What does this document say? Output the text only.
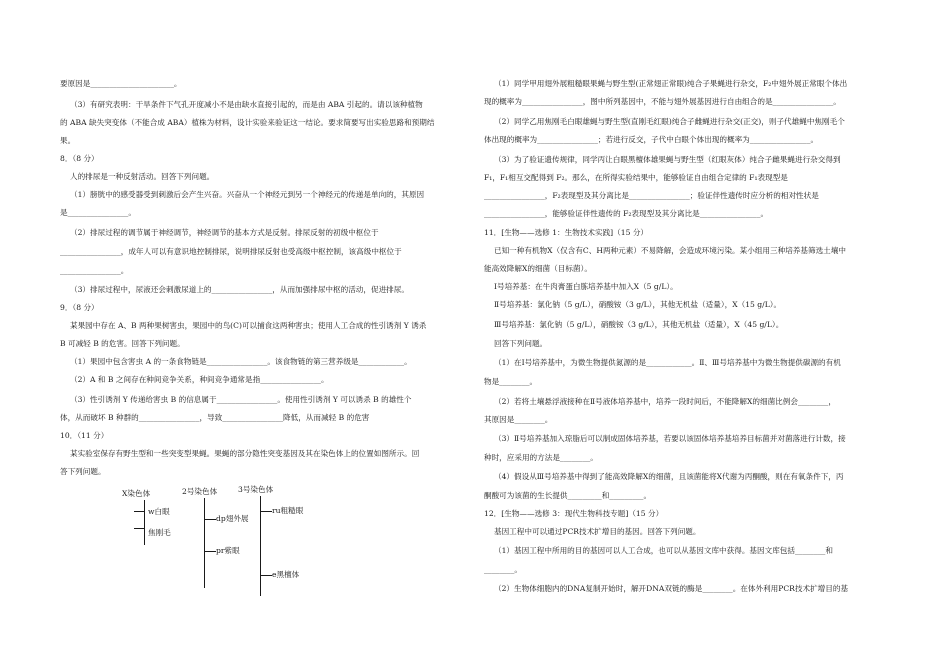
要原因是______________________。
（3）有研究表明：干旱条件下气孔开度减小不是由缺水直接引起的，而是由 ABA 引起的。请以该种植物
的 ABA 缺失突变体（不能合成 ABA）植株为材料，设计实验来验证这一结论。要求简要写出实验思路和预期结
果。
8．（8 分）
人的排尿是一种反射活动。回答下列问题。
（1）膀胱中的感受器受到刺激后会产生兴奋。兴奋从一个神经元到另一个神经元的传递是单向的，其原因
是________________。
（2）排尿过程的调节属于神经调节，神经调节的基本方式是反射。排尿反射的初级中枢位于
________________，成年人可以有意识地控制排尿，说明排尿反射也受高级中枢控制，该高级中枢位于
________________。
（3）排尿过程中，尿液还会刺激尿道上的________________，从而加强排尿中枢的活动，促进排尿。
9．（8 分）
某果园中存在 A、B 两种果树害虫，果园中的鸟(C)可以捕食这两种害虫；使用人工合成的性引诱剂 Y 诱杀
B 可减轻 B 的危害。回答下列问题。
（1）果园中包含害虫 A 的一条食物链是________________。该食物链的第三营养级是____________。
（2）A 和 B 之间存在种间竞争关系，种间竞争通常是指________________。
（3）性引诱剂 Y 传递给害虫 B 的信息属于________________。使用性引诱剂 Y 可以诱杀 B 的雄性个
体，从而破坏 B 种群的________________，导致________________降低，从而减轻 B 的危害
10．（11 分）
某实验室保存有野生型和一些突变型果蝇。果蝇的部分隐性突变基因及其在染色体上的位置如图所示。回
答下列问题。
X染色体	2号染色体	3号染色体
w白眼
焦刚毛
dp翅外展
pr紫眼
ru粗糙眼
e黑檀体
（1）同学甲用翅外展粗糙眼果蝇与野生型(正常翅正常眼)纯合子果蝇进行杂交，F₂中翅外展正常眼个体出
现的概率为________________，图中所列基因中，不能与翅外展基因进行自由组合的是________________。
（2）同学乙用焦刚毛白眼雄蝇与野生型(直刚毛红眼)纯合子雌蝇进行杂交(正交)，则子代雄蝇中焦刚毛个
体出现的概率为________________；若进行反交，子代中白眼个体出现的概率为________________。
（3）为了验证遗传规律，同学丙让白眼黑檀体雄果蝇与野生型（红眼灰体）纯合子雌果蝇进行杂交得到
F₁，F₁相互交配得到 F₂。那么，在所得实验结果中，能够验证自由组合定律的 F₁表现型是
________________，F₂表现型及其分离比是________________；验证伴性遗传时应分析的相对性状是
________________，能够验证伴性遗传的 F₂表现型及其分离比是________________。
11．[生物——选修 1：生物技术实践]（15 分）
已知一种有机物X（仅含有C、H两种元素）不易降解，会造成环境污染。某小组用三种培养基筛选土壤中
能高效降解X的细菌（目标菌）。
Ⅰ号培养基：在牛肉膏蛋白胨培养基中加入X（5 g/L）。
Ⅱ号培养基：氯化钠（5 g/L），硝酸铵（3 g/L），其他无机盐（适量），X（15 g/L）。
Ⅲ号培养基：氯化钠（5 g/L），硝酸铵（3 g/L），其他无机盐（适量），X（45 g/L）。
回答下列问题。
（1）在Ⅰ号培养基中，为微生物提供氮源的是____________。Ⅱ、Ⅲ号培养基中为微生物提供碳源的有机
物是________。
（2）若将土壤悬浮液接种在Ⅱ号液体培养基中，培养一段时间后，不能降解X的细菌比例会________，
其原因是________。
（3）Ⅱ号培养基加入琼脂后可以制成固体培养基，若要以该固体培养基培养目标菌并对菌落进行计数，接
种时，应采用的方法是________。
（4）假设从Ⅲ号培养基中得到了能高效降解X的细菌，且该菌能将X代谢为丙酮酸，则在有氧条件下，丙
酮酸可为该菌的生长提供_________和_________。
12．[生物——选修 3：现代生物科技专题]（15 分）
基因工程中可以通过PCR技术扩增目的基因。回答下列问题。
（1）基因工程中所用的目的基因可以人工合成，也可以从基因文库中获得。基因文库包括________和
________。
（2）生物体细胞内的DNA复制开始时，解开DNA双链的酶是________。在体外利用PCR技术扩增目的基
